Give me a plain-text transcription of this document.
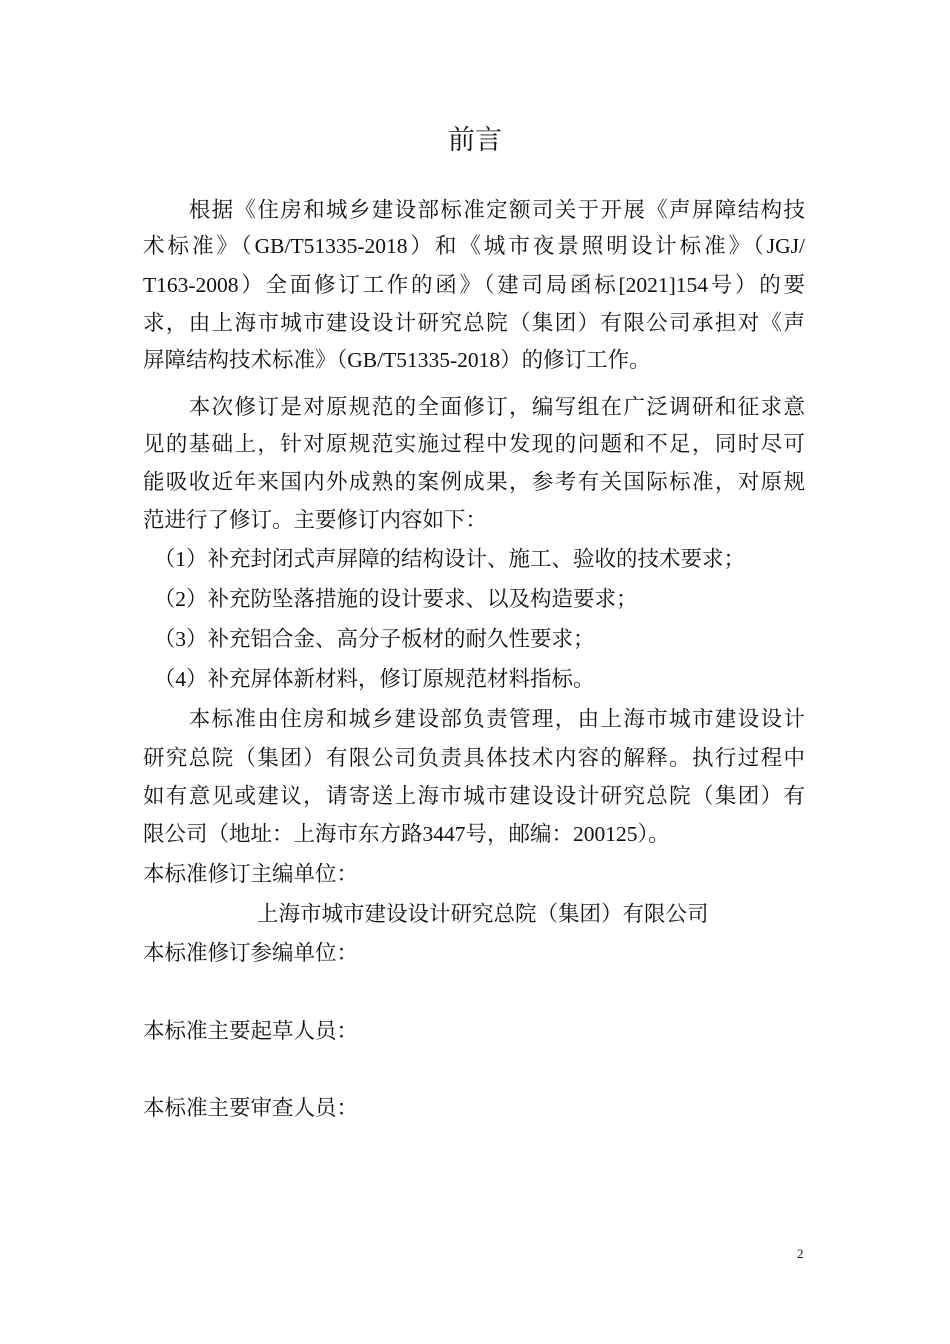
前言
　　根据《住房和城乡建设部标准定额司关于开展《声屏障结构技
术标准》（GB/T51335-2018）和《城市夜景照明设计标准》（JGJ/
T163-2008）全面修订工作的函》（建司局函标[2021]154号）的要
求，由上海市城市建设设计研究总院（集团）有限公司承担对《声
屏障结构技术标准》（GB/T51335-2018）的修订工作。
　　本次修订是对原规范的全面修订，编写组在广泛调研和征求意
见的基础上，针对原规范实施过程中发现的问题和不足，同时尽可
能吸收近年来国内外成熟的案例成果，参考有关国际标准，对原规
范进行了修订。主要修订内容如下：
　（1）补充封闭式声屏障的结构设计、施工、验收的技术要求；
　（2）补充防坠落措施的设计要求、以及构造要求；
　（3）补充铝合金、高分子板材的耐久性要求；
　（4）补充屏体新材料，修订原规范材料指标。
　　本标准由住房和城乡建设部负责管理，由上海市城市建设设计
研究总院（集团）有限公司负责具体技术内容的解释。执行过程中
如有意见或建议，请寄送上海市城市建设设计研究总院（集团）有
限公司（地址：上海市东方路3447号，邮编：200125）。
本标准修订主编单位：
上海市城市建设设计研究总院（集团）有限公司
本标准修订参编单位：
本标准主要起草人员：
本标准主要审查人员：
2
